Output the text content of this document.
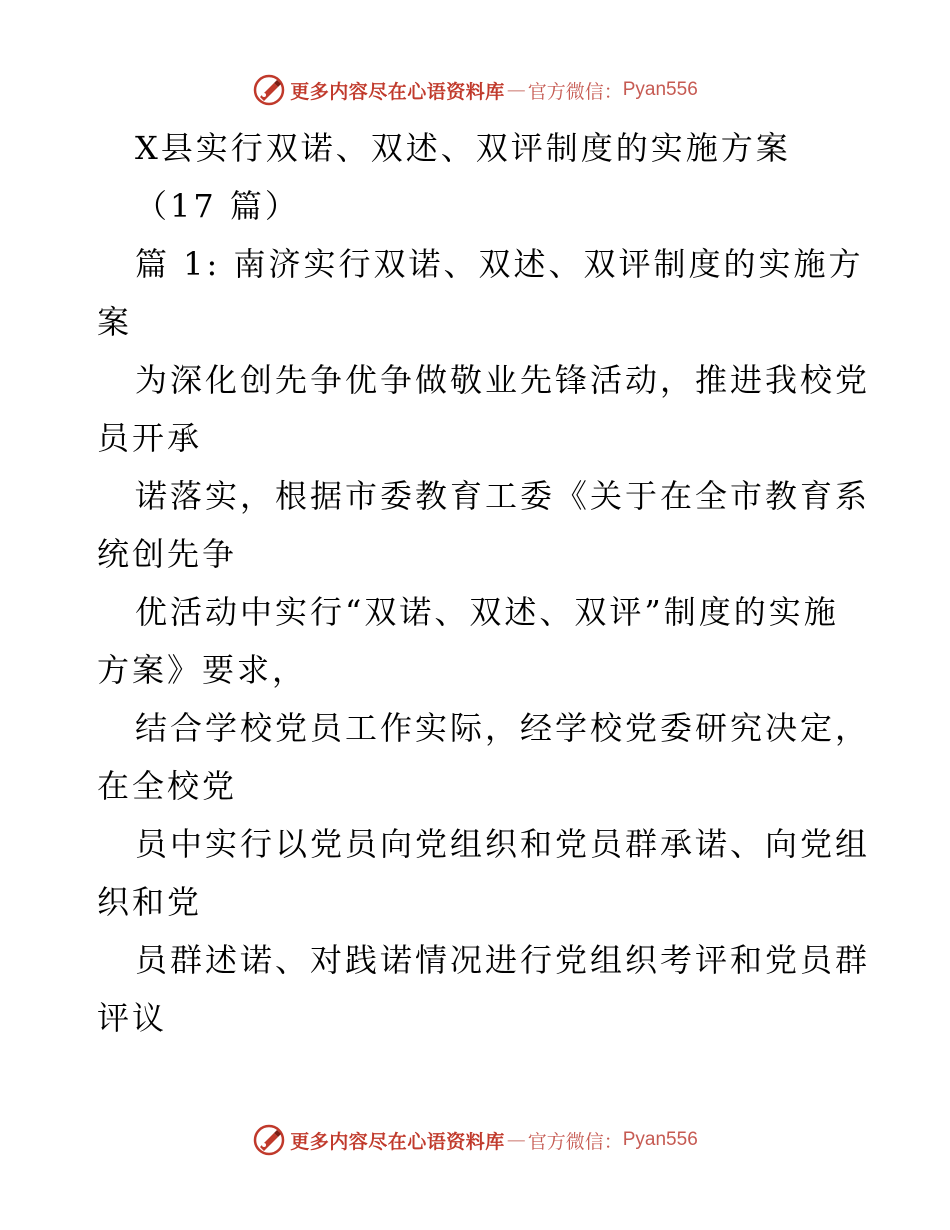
更多内容尽在心语资料库 — 官方微信： Pyan556
X县实行双诺、双述、双评制度的实施方案
（17 篇）
篇 1: 南济实行双诺、双述、双评制度的实施方
案
为深化创先争优争做敬业先锋活动，推进我校党
员开承
诺落实，根据市委教育工委《关于在全市教育系
统创先争
优活动中实行“双诺、双述、双评”制度的实施
方案》要求，
结合学校党员工作实际，经学校党委研究决定，
在全校党
员中实行以党员向党组织和党员群承诺、向党组
织和党
员群述诺、对践诺情况进行党组织考评和党员群
评议
更多内容尽在心语资料库 — 官方微信： Pyan556
